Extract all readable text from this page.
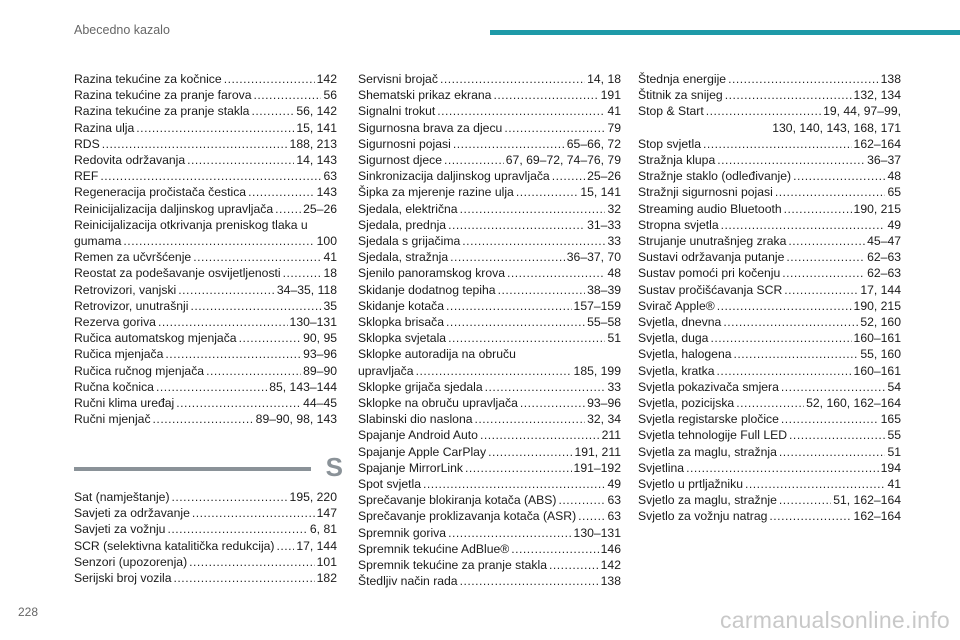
Abecedno kazalo
Razina tekućine za kočnice .....	142
Razina tekućine za pranje farova .....	56
Razina tekućine za pranje stakla .....	56, 142
Razina ulja .....	15, 141
RDS .....	188, 213
Redovita održavanja .....	14, 143
REF .....	63
Regeneracija pročistača čestica .....	143
Reinicijalizacija daljinskog upravljača ..... 25–26
Reinicijalizacija otkrivanja preniskog tlaka u
gumama .....	100
Remen za učvršćenje .....	41
Reostat za podešavanje osvijetljenosti .....	18
Retrovizori, vanjski .....	34–35, 118
Retrovizor, unutrašnji .....	35
Rezerva goriva .....	130–131
Ručica automatskog mjenjača .....	90, 95
Ručica mjenjača .....	93–96
Ručica ručnog mjenjača .....	89–90
Ručna kočnica .....	85, 143–144
Ručni klima uređaj .....	44–45
Ručni mjenjač .....	89–90, 98, 143
S
Sat (namještanje) .....	195, 220
Savjeti za održavanje .....	147
Savjeti za vožnju .....	6, 81
SCR (selektivna katalitička redukcija) ..... 17, 144
Senzori (upozorenja) .....	101
Serijski broj vozila .....	182
Servisni brojač .....	14, 18
Shematski prikaz ekrana .....	191
Signalni trokut .....	41
Sigurnosna brava za djecu .....	79
Sigurnosni pojasi .....	65–66, 72
Sigurnost djece .....	67, 69–72, 74–76, 79
Sinkronizacija daljinskog upravljača .....	25–26
Šipka za mjerenje razine ulja .....	15, 141
Sjedala, električna .....	32
Sjedala, prednja .....	31–33
Sjedala s grijačima .....	33
Sjedala, stražnja .....	36–37, 70
Sjenilo panoramskog krova .....	48
Skidanje dodatnog tepiha .....	38–39
Skidanje kotača .....	157–159
Sklopka brisača .....	55–58
Sklopka svjetala .....	51
Sklopke autoradija na obruču
upravljača .....	185, 199
Sklopke grijača sjedala .....	33
Sklopke na obruču upravljača .....	93–96
Slabinski dio naslona .....	32, 34
Spajanje Android Auto .....	211
Spajanje Apple CarPlay .....	191, 211
Spajanje MirrorLink .....	191–192
Spot svjetla .....	49
Sprečavanje blokiranja kotača (ABS) .....	63
Sprečavanje proklizavanja kotača (ASR) .....	63
Spremnik goriva .....	130–131
Spremnik tekućine AdBlue® .....	146
Spremnik tekućine za pranje stakla .....	142
Štedljiv način rada .....	138
Štednja energije .....	138
Štitnik za snijeg .....	132, 134
Stop & Start .....	19, 44, 97–99,
130, 140, 143, 168, 171
Stop svjetla .....	162–164
Stražnja klupa .....	36–37
Stražnje staklo (odleđivanje) .....	48
Stražnji sigurnosni pojasi .....	65
Streaming audio Bluetooth .....	190, 215
Stropna svjetla .....	49
Strujanje unutrašnjeg zraka .....	45–47
Sustavi održavanja putanje .....	62–63
Sustav pomoći pri kočenju .....	62–63
Sustav pročišćavanja SCR .....	17, 144
Svirač Apple® .....	190, 215
Svjetla, dnevna .....	52, 160
Svjetla, duga .....	160–161
Svjetla, halogena .....	55, 160
Svjetla, kratka .....	160–161
Svjetla pokazivača smjera .....	54
Svjetla, pozicijska .....	52, 160, 162–164
Svjetla registarske pločice .....	165
Svjetla tehnologije Full LED .....	55
Svjetla za maglu, stražnja .....	51
Svjetlina .....	194
Svjetlo u prtljažniku .....	41
Svjetlo za maglu, stražnje .....	51, 162–164
Svjetlo za vožnju natrag .....	162–164
228	carmanualsonline.info
